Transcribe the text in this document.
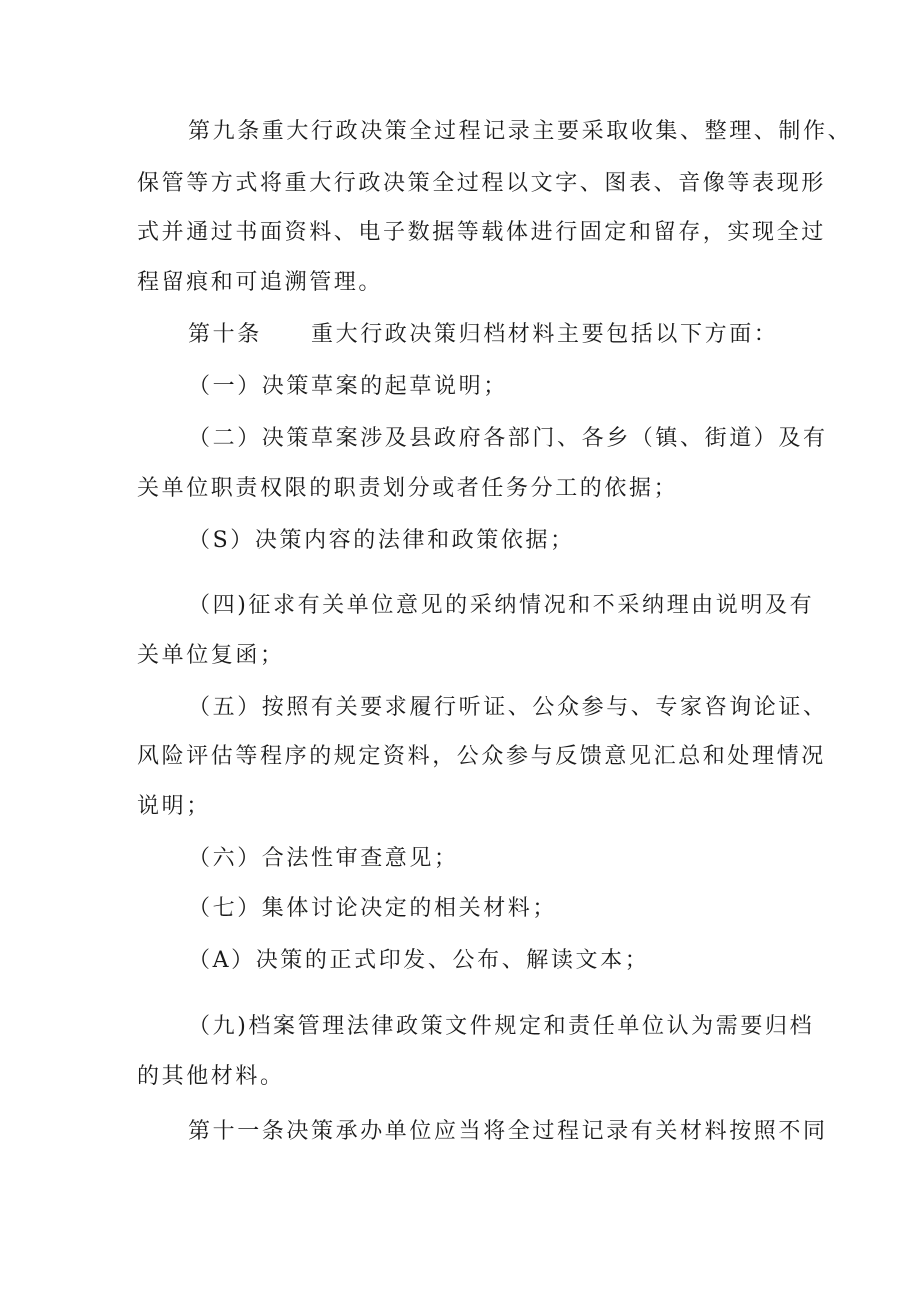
第九条重大行政决策全过程记录主要采取收集、整理、制作、
保管等方式将重大行政决策全过程以文字、图表、音像等表现形
式并通过书面资料、电子数据等载体进行固定和留存，实现全过
程留痕和可追溯管理。
第十条　　重大行政决策归档材料主要包括以下方面：
（一）决策草案的起草说明；
（二）决策草案涉及县政府各部门、各乡（镇、街道）及有
关单位职责权限的职责划分或者任务分工的依据；
（S）决策内容的法律和政策依据；
（四)征求有关单位意见的采纳情况和不采纳理由说明及有
关单位复函；
（五）按照有关要求履行听证、公众参与、专家咨询论证、
风险评估等程序的规定资料，公众参与反馈意见汇总和处理情况
说明；
（六）合法性审查意见；
（七）集体讨论决定的相关材料；
（A）决策的正式印发、公布、解读文本；
（九)档案管理法律政策文件规定和责任单位认为需要归档
的其他材料。
第十一条决策承办单位应当将全过程记录有关材料按照不同
